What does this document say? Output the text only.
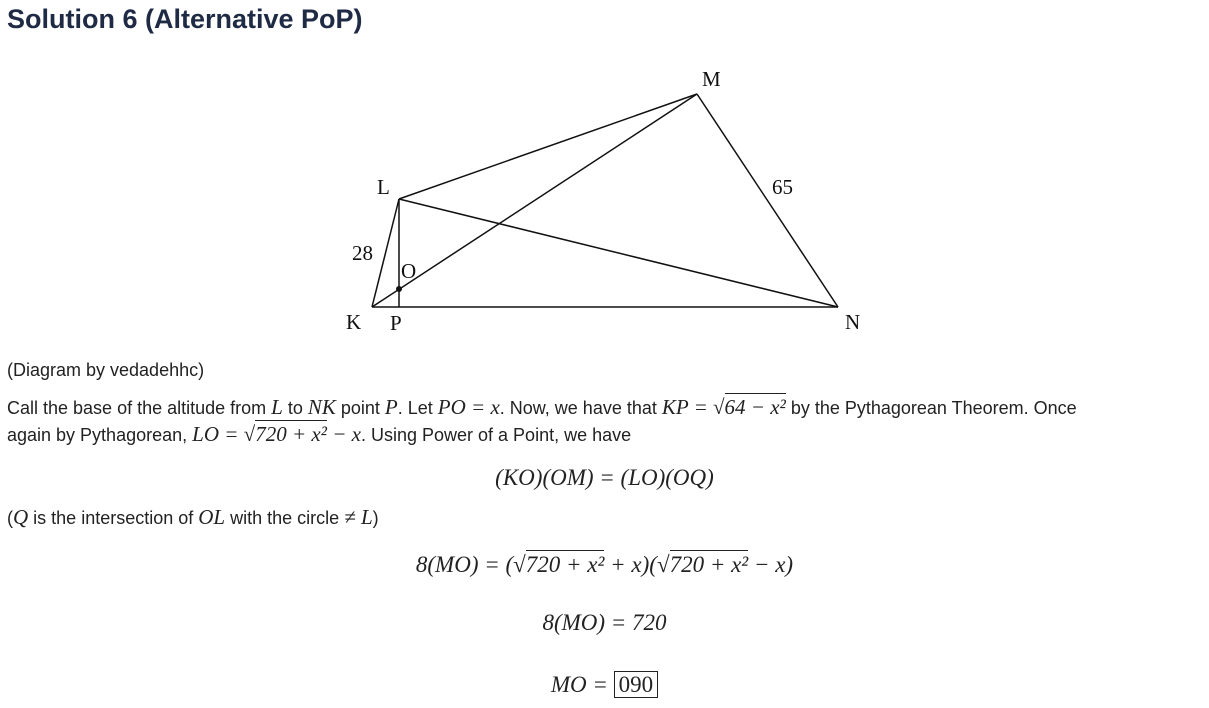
Solution 6 (Alternative PoP)
M
L
K P	N
O
28
65
(Diagram by vedadehhc)
Call the base of the altitude from L to NK point P. Let PO = x. Now, we have that KP = √64 − x² by the Pythagorean Theorem. Once
again by Pythagorean, LO = √720 + x² − x. Using Power of a Point, we have
(KO)(OM) = (LO)(OQ)
(Q is the intersection of OL with the circle ≠ L)
8(MO) = (√720 + x² + x)(√720 + x² − x)
8(MO) = 720
MO = 090
